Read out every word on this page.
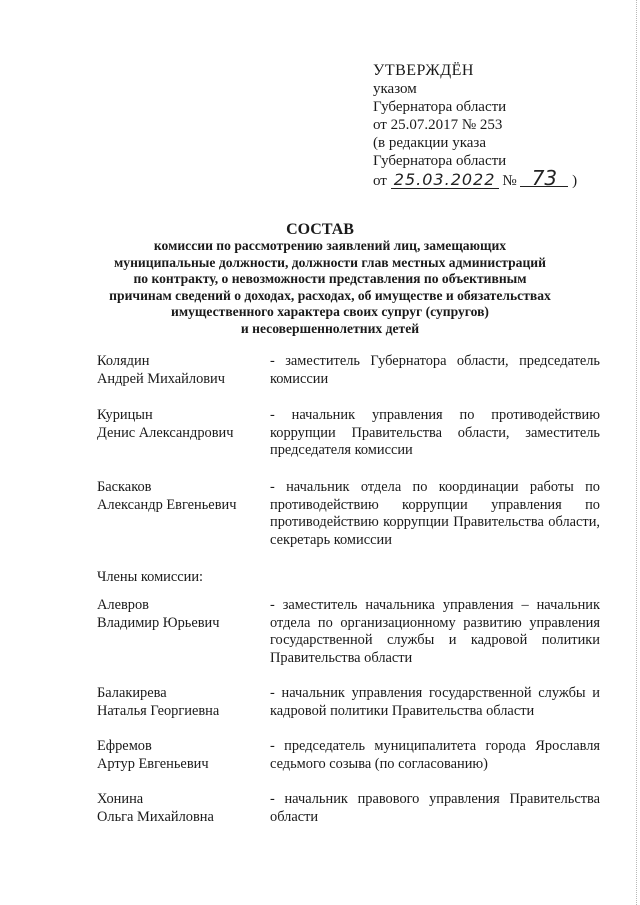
УТВЕРЖДЁН
указом
Губернатора области
от 25.07.2017 № 253
(в редакции указа
Губернатора области
от 25.03.2022 № 73 )
СОСТАВ
комиссии по рассмотрению заявлений лиц, замещающих
муниципальные должности, должности глав местных администраций
по контракту, о невозможности представления по объективным
причинам сведений о доходах, расходах, об имуществе и обязательствах
имущественного характера своих супруг (супругов)
и несовершеннолетних детей
Колядин
Андрей Михайлович
- заместитель Губернатора области, председатель комиссии
Курицын
Денис Александрович
- начальник управления по противодействию коррупции Правительства области, заместитель председателя комиссии
Баскаков
Александр Евгеньевич
- начальник отдела по координации работы по противодействию коррупции управления по противодействию коррупции Правительства области, секретарь комиссии
Члены комиссии:
Алевров
Владимир Юрьевич
- заместитель начальника управления – начальник отдела по организационному развитию управления государственной службы и кадровой политики Правительства области
Балакирева
Наталья Георгиевна
- начальник управления государственной службы и кадровой политики Правительства области
Ефремов
Артур Евгеньевич
- председатель муниципалитета города Ярославля седьмого созыва (по согласованию)
Хонина
Ольга Михайловна
- начальник правового управления Правительства области
